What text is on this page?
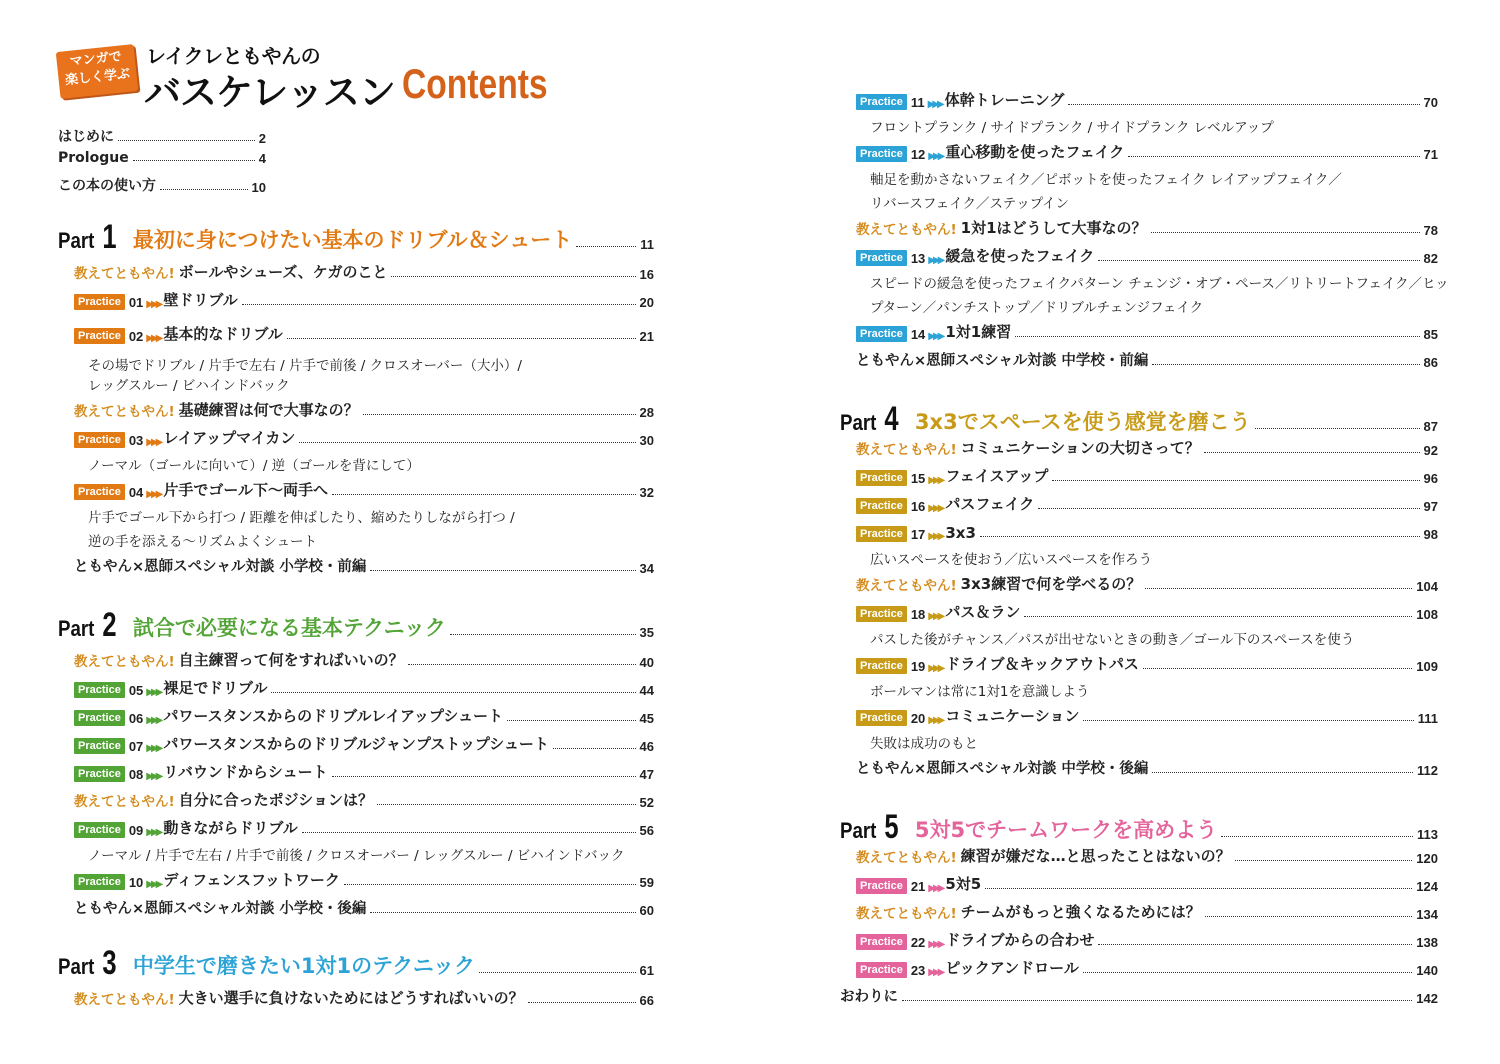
マンガで
楽しく学ぶ
レイクレともやんの
バスケレッスン Contents
はじめに	2
Prologue	4
この本の使い方	10
Part 1 最初に身につけたい基本のドリブル＆シュート	11
Part 2 試合で必要になる基本テクニック	35
Part 3 中学生で磨きたい1対1のテクニック	61
Part 4 3x3でスペースを使う感覚を磨こう	87
Part 5 5対5でチームワークを高めよう	113
教えてともやん! ボールやシューズ、ケガのこと	16
Practice 01 ▶▶▶ 壁ドリブル	20
Practice 02 ▶▶▶ 基本的なドリブル	21
その場でドリブル / 片手で左右 / 片手で前後 / クロスオーバー（大小）/
レッグスルー / ビハインドバック
教えてともやん! 基礎練習は何で大事なの？	28
Practice 03 ▶▶▶ レイアップマイカン	30
ノーマル（ゴールに向いて）/ 逆（ゴールを背にして）
Practice 04 ▶▶▶ 片手でゴール下～両手へ	32
片手でゴール下から打つ / 距離を伸ばしたり、縮めたりしながら打つ /
逆の手を添える～リズムよくシュート
ともやん×恩師スペシャル対談 小学校・前編	34
教えてともやん! 自主練習って何をすればいいの？	40
Practice 05 ▶▶▶ 裸足でドリブル	44
Practice 06 ▶▶▶ パワースタンスからのドリブルレイアップシュート	45
Practice 07 ▶▶▶ パワースタンスからのドリブルジャンプストップシュート	46
Practice 08 ▶▶▶ リバウンドからシュート	47
教えてともやん! 自分に合ったポジションは？	52
Practice 09 ▶▶▶ 動きながらドリブル	56
ノーマル / 片手で左右 / 片手で前後 / クロスオーバー / レッグスルー / ビハインドバック
Practice 10 ▶▶▶ ディフェンスフットワーク	59
ともやん×恩師スペシャル対談 小学校・後編	60
教えてともやん! 大きい選手に負けないためにはどうすればいいの？	66
Practice 11 ▶▶▶ 体幹トレーニング	70
フロントプランク / サイドプランク / サイドプランク レベルアップ
Practice 12 ▶▶▶ 重心移動を使ったフェイク	71
軸足を動かさないフェイク／ピボットを使ったフェイク レイアップフェイク／
リバースフェイク／ステップイン
教えてともやん! 1対1はどうして大事なの？	78
Practice 13 ▶▶▶ 緩急を使ったフェイク	82
スピードの緩急を使ったフェイクパターン チェンジ・オブ・ペース／リトリートフェイク／ヒッ
プターン／パンチストップ／ドリブルチェンジフェイク
Practice 14 ▶▶▶ 1対1練習	85
ともやん×恩師スペシャル対談 中学校・前編	86
教えてともやん! コミュニケーションの大切さって？	92
Practice 15 ▶▶▶ フェイスアップ	96
Practice 16 ▶▶▶ パスフェイク	97
Practice 17 ▶▶▶ 3x3	98
広いスペースを使おう／広いスペースを作ろう
教えてともやん! 3x3練習で何を学べるの？	104
Practice 18 ▶▶▶ パス＆ラン	108
パスした後がチャンス／パスが出せないときの動き／ゴール下のスペースを使う
Practice 19 ▶▶▶ ドライブ＆キックアウトパス	109
ボールマンは常に1対1を意識しよう
Practice 20 ▶▶▶ コミュニケーション	111
失敗は成功のもと
ともやん×恩師スペシャル対談 中学校・後編	112
教えてともやん! 練習が嫌だな…と思ったことはないの？	120
Practice 21 ▶▶▶ 5対5	124
教えてともやん! チームがもっと強くなるためには？	134
Practice 22 ▶▶▶ ドライブからの合わせ	138
Practice 23 ▶▶▶ ピックアンドロール	140
おわりに	142
